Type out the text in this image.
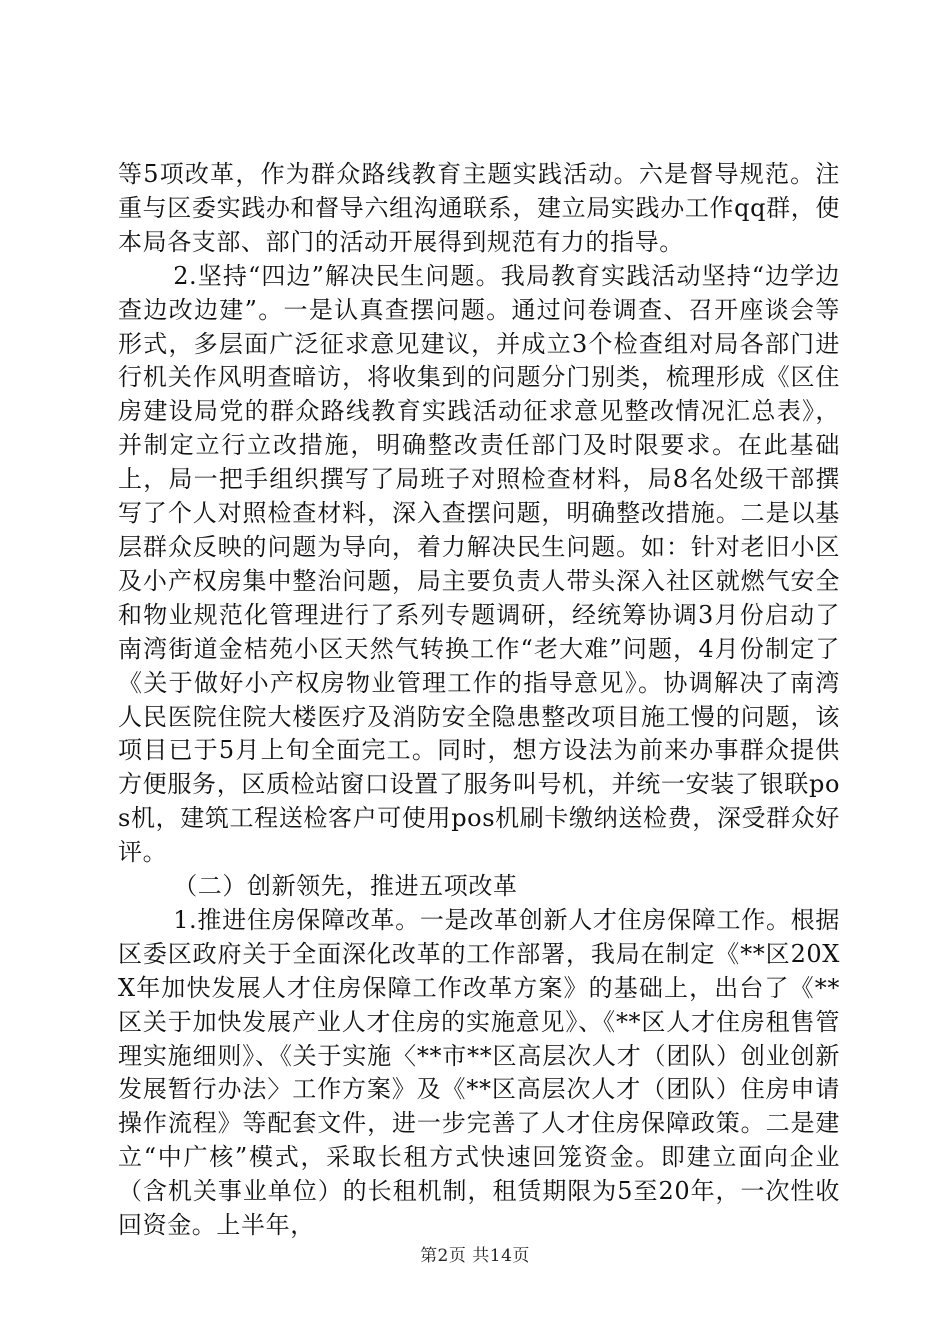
等5项改革，作为群众路线教育主题实践活动。六是督导规范。注重与区委实践办和督导六组沟通联系，建立局实践办工作qq群，使本局各支部、部门的活动开展得到规范有力的指导。

2.坚持“四边”解决民生问题。我局教育实践活动坚持“边学边查边改边建”。一是认真查摆问题。通过问卷调查、召开座谈会等形式，多层面广泛征求意见建议，并成立3个检查组对局各部门进行机关作风明查暗访，将收集到的问题分门别类，梳理形成《区住房建设局党的群众路线教育实践活动征求意见整改情况汇总表》，并制定立行立改措施，明确整改责任部门及时限要求。在此基础上，局一把手组织撰写了局班子对照检查材料，局8名处级干部撰写了个人对照检查材料，深入查摆问题，明确整改措施。二是以基层群众反映的问题为导向，着力解决民生问题。如：针对老旧小区及小产权房集中整治问题，局主要负责人带头深入社区就燃气安全和物业规范化管理进行了系列专题调研，经统筹协调3月份启动了南湾街道金桔苑小区天然气转换工作“老大难”问题，4月份制定了《关于做好小产权房物业管理工作的指导意见》。协调解决了南湾人民医院住院大楼医疗及消防安全隐患整改项目施工慢的问题，该项目已于5月上旬全面完工。同时，想方设法为前来办事群众提供方便服务，区质检站窗口设置了服务叫号机，并统一安装了银联pos机，建筑工程送检客户可使用pos机刷卡缴纳送检费，深受群众好评。

（二）创新领先，推进五项改革

1.推进住房保障改革。一是改革创新人才住房保障工作。根据区委区政府关于全面深化改革的工作部署，我局在制定《**区20XX年加快发展人才住房保障工作改革方案》的基础上，出台了《**区关于加快发展产业人才住房的实施意见》、《**区人才住房租售管理实施细则》、《关于实施〈**市**区高层次人才（团队）创业创新发展暂行办法〉工作方案》及《**区高层次人才（团队）住房申请操作流程》等配套文件，进一步完善了人才住房保障政策。二是建立“中广核”模式，采取长租方式快速回笼资金。即建立面向企业（含机关事业单位）的长租机制，租赁期限为5至20年，一次性收回资金。上半年，

第2页 共14页
